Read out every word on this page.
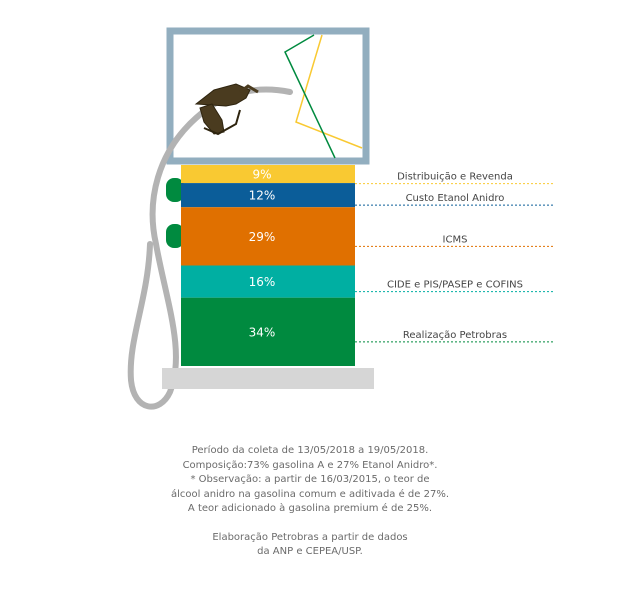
9%	Distribuição e Revenda
12%	Custo Etanol Anidro
29%	ICMS
16%	CIDE e PIS/PASEP e COFINS
34%	Realização Petrobras
Período da coleta de 13/05/2018 a 19/05/2018.
Composição:73% gasolina A e 27% Etanol Anidro*.
* Observação: a partir de 16/03/2015, o teor de
álcool anidro na gasolina comum e aditivada é de 27%.
A teor adicionado à gasolina premium é de 25%.
Elaboração Petrobras a partir de dados
da ANP e CEPEA/USP.
